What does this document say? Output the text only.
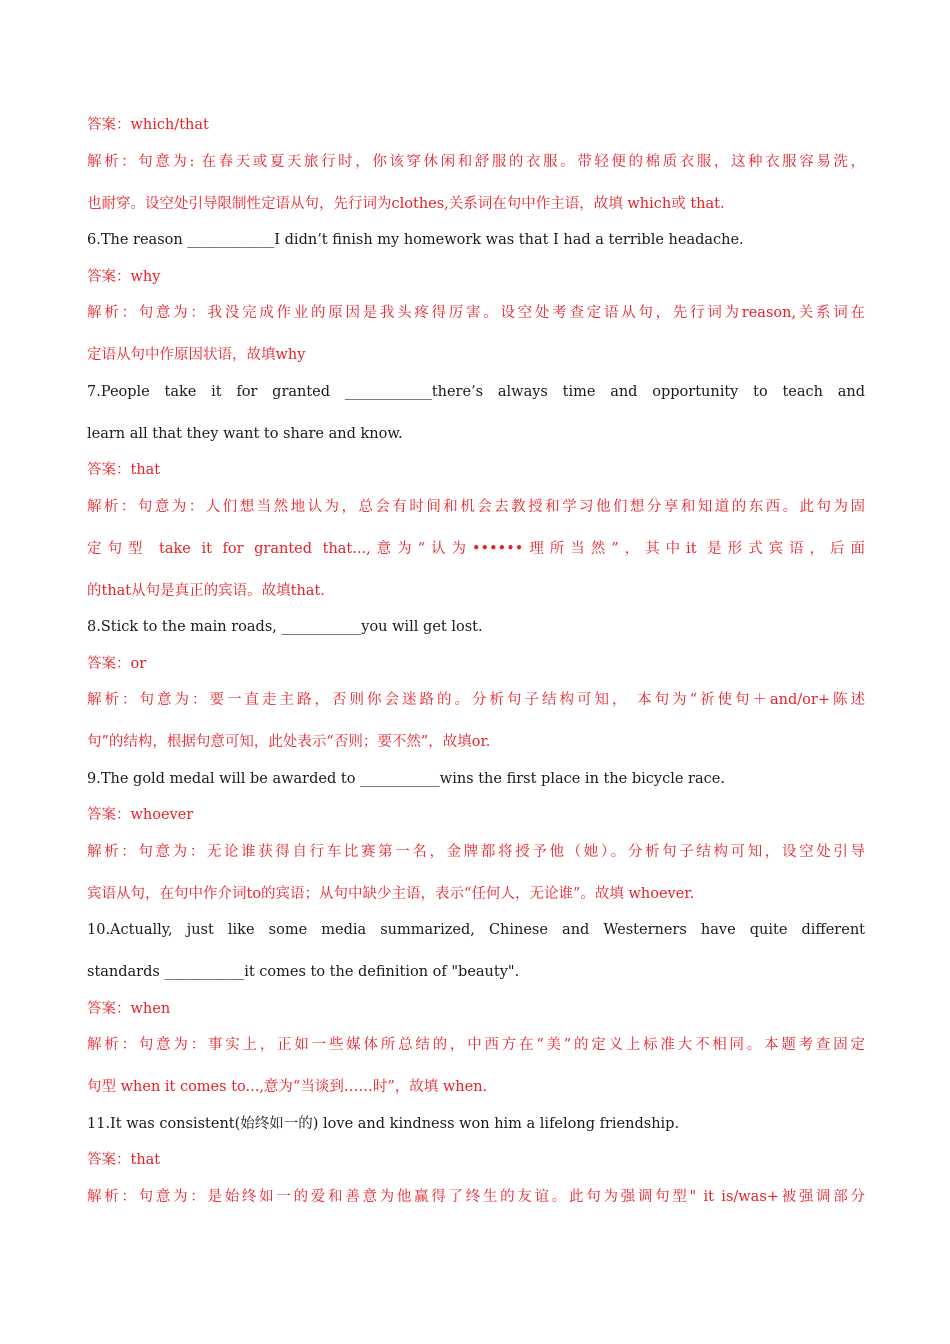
答案：which/that
解析：句意为: 在春天或夏天旅行时，你该穿休闲和舒服的衣服。带轻便的棉质衣服，这种衣服容易洗，
也耐穿。设空处引导限制性定语从句，先行词为clothes,关系词在句中作主语，故填 which或 that.
6.The reason ____________I didn’t finish my homework was that I had a terrible headache.
答案：why
解析：句意为：我没完成作业的原因是我头疼得厉害。设空处考查定语从句，先行词为reason,关系词在
定语从句中作原因状语，故填why
7.People take it for granted ____________there’s always time and opportunity to teach and
learn all that they want to share and know.
答案：that
解析：句意为：人们想当然地认为，总会有时间和机会去教授和学习他们想分享和知道的东西。此句为固
定句型 take it for granted that...,意为“认为••••••理所当然”，其中it 是形式宾语，后面
的that从句是真正的宾语。故填that.
8.Stick to the main roads, ___________you will get lost.
答案：or
解析：句意为：要一直走主路，否则你会迷路的。分析句子结构可知， 本句为“祈使句＋and/or+陈述
句”的结构，根据句意可知，此处表示“否则；要不然”，故填or.
9.The gold medal will be awarded to ___________wins the first place in the bicycle race.
答案：whoever
解析：句意为：无论谁获得自行车比赛第一名，金牌都将授予他（她）。分析句子结构可知，设空处引导
宾语从句，在句中作介词to的宾语；从句中缺少主语，表示“任何人，无论谁”。故填 whoever.
10.Actually, just like some media summarized, Chinese and Westerners have quite different
standards ___________it comes to the definition of "beauty".
答案：when
解析：句意为：事实上，正如一些媒体所总结的，中西方在“美”的定义上标准大不相同。本题考查固定
句型 when it comes to...,意为“当谈到……时”，故填 when.
11.It was consistent(始终如一的) love and kindness won him a lifelong friendship.
答案：that
解析：句意为：是始终如一的爱和善意为他赢得了终生的友谊。此句为强调句型" it is/was+被强调部分
